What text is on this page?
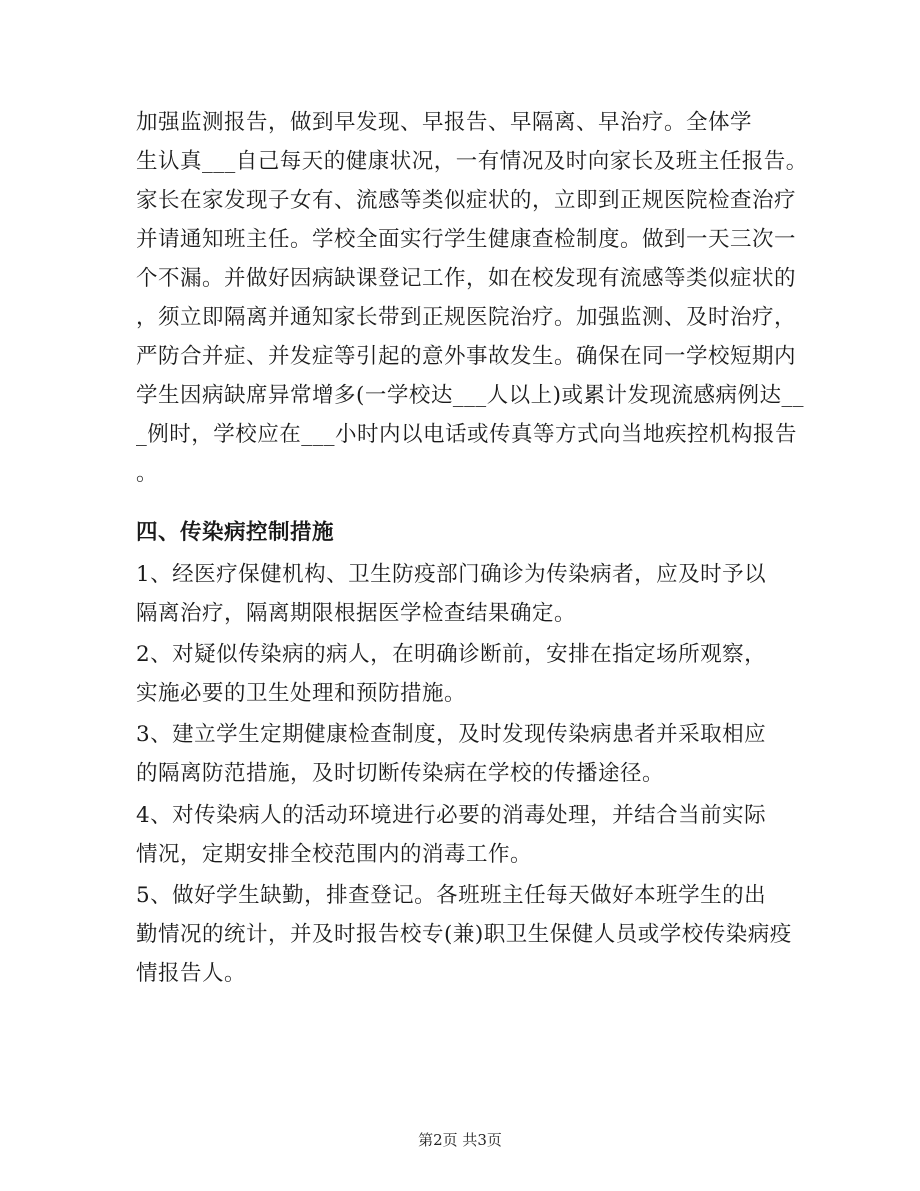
加强监测报告，做到早发现、早报告、早隔离、早治疗。全体学
生认真___自己每天的健康状况，一有情况及时向家长及班主任报告。
家长在家发现子女有、流感等类似症状的，立即到正规医院检查治疗
并请通知班主任。学校全面实行学生健康查检制度。做到一天三次一
个不漏。并做好因病缺课登记工作，如在校发现有流感等类似症状的
，须立即隔离并通知家长带到正规医院治疗。加强监测、及时治疗，
严防合并症、并发症等引起的意外事故发生。确保在同一学校短期内
学生因病缺席异常增多(一学校达___人以上)或累计发现流感病例达__
_例时，学校应在___小时内以电话或传真等方式向当地疾控机构报告
。
四、传染病控制措施
1、经医疗保健机构、卫生防疫部门确诊为传染病者，应及时予以
隔离治疗，隔离期限根据医学检查结果确定。
2、对疑似传染病的病人，在明确诊断前，安排在指定场所观察，
实施必要的卫生处理和预防措施。
3、建立学生定期健康检查制度，及时发现传染病患者并采取相应
的隔离防范措施，及时切断传染病在学校的传播途径。
4、对传染病人的活动环境进行必要的消毒处理，并结合当前实际
情况，定期安排全校范围内的消毒工作。
5、做好学生缺勤，排查登记。各班班主任每天做好本班学生的出
勤情况的统计，并及时报告校专(兼)职卫生保健人员或学校传染病疫
情报告人。
第2页 共3页
